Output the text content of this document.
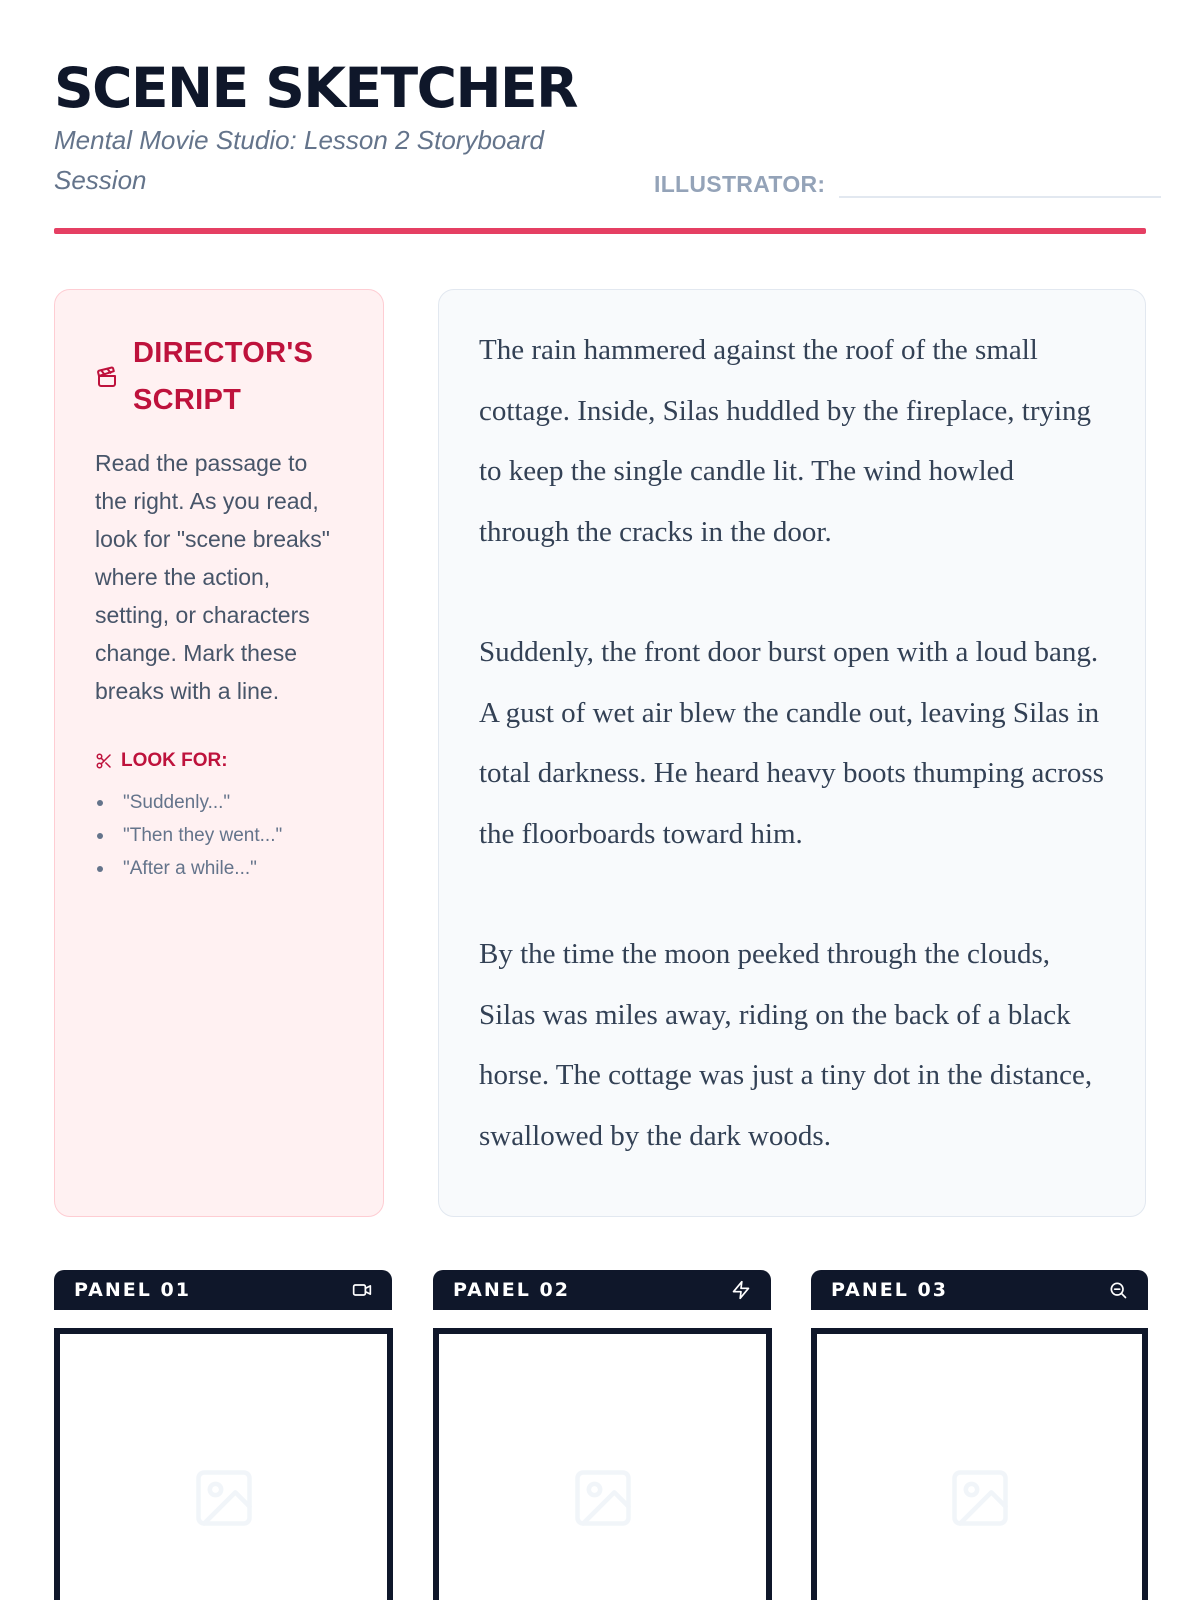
SCENE SKETCHER
Mental Movie Studio: Lesson 2 Storyboard Session	ILLUSTRATOR:
DIRECTOR'S SCRIPT
Read the passage to the right. As you read, look for "scene breaks" where the action, setting, or characters change. Mark these breaks with a line.
LOOK FOR:
"Suddenly..."
"Then they went..."
"After a while..."

The rain hammered against the roof of the small cottage. Inside, Silas huddled by the fireplace, trying to keep the single candle lit. The wind howled through the cracks in the door.

Suddenly, the front door burst open with a loud bang. A gust of wet air blew the candle out, leaving Silas in total darkness. He heard heavy boots thumping across the floorboards toward him.

By the time the moon peeked through the clouds, Silas was miles away, riding on the back of a black horse. The cottage was just a tiny dot in the distance, swallowed by the dark woods.

PANEL 01	PANEL 02	PANEL 03
